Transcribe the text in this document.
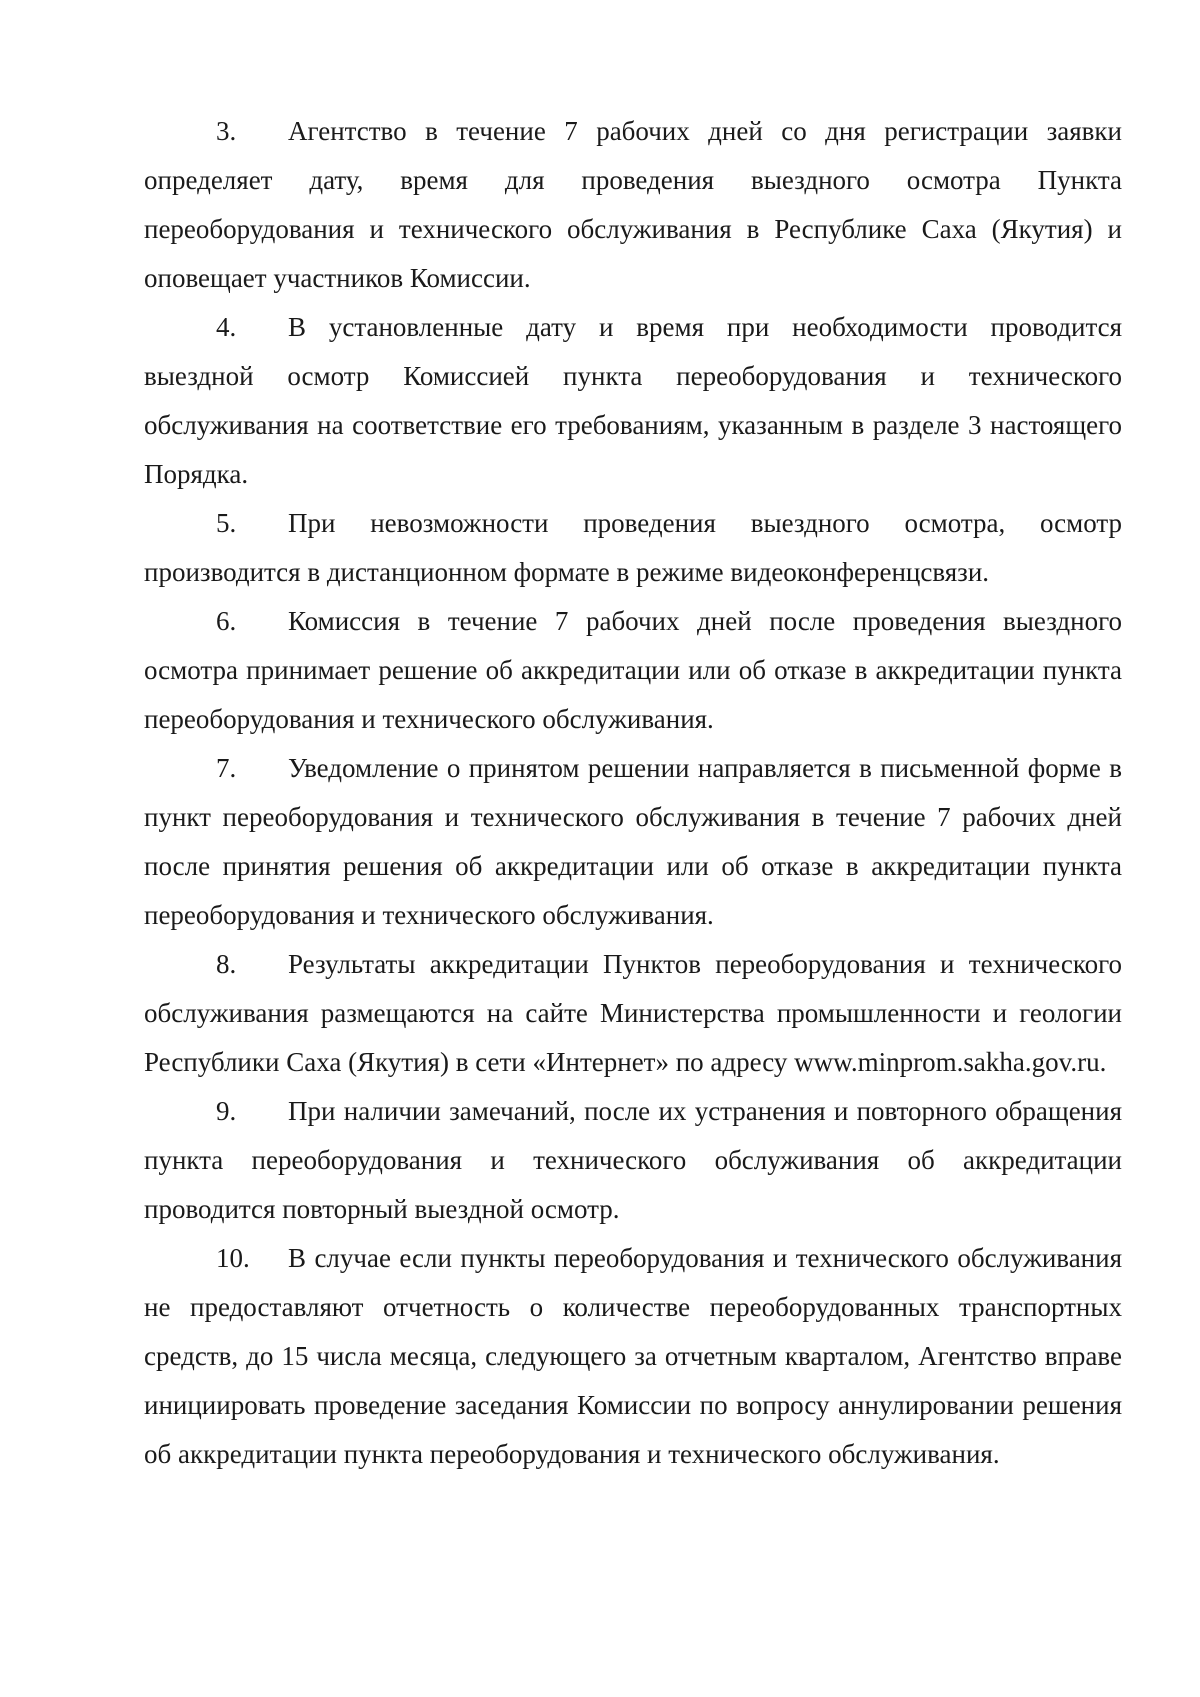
3. Агентство в течение 7 рабочих дней со дня регистрации заявки определяет дату, время для проведения выездного осмотра Пункта переоборудования и технического обслуживания в Республике Саха (Якутия) и оповещает участников Комиссии.

4. В установленные дату и время при необходимости проводится выездной осмотр Комиссией пункта переоборудования и технического обслуживания на соответствие его требованиям, указанным в разделе 3 настоящего Порядка.

5. При невозможности проведения выездного осмотра, осмотр производится в дистанционном формате в режиме видеоконференцсвязи.

6. Комиссия в течение 7 рабочих дней после проведения выездного осмотра принимает решение об аккредитации или об отказе в аккредитации пункта переоборудования и технического обслуживания.

7. Уведомление о принятом решении направляется в письменной форме в пункт переоборудования и технического обслуживания в течение 7 рабочих дней после принятия решения об аккредитации или об отказе в аккредитации пункта переоборудования и технического обслуживания.

8. Результаты аккредитации Пунктов переоборудования и технического обслуживания размещаются на сайте Министерства промышленности и геологии Республики Саха (Якутия) в сети «Интернет» по адресу www.minprom.sakha.gov.ru.

9. При наличии замечаний, после их устранения и повторного обращения пункта переоборудования и технического обслуживания об аккредитации проводится повторный выездной осмотр.

10. В случае если пункты переоборудования и технического обслуживания не предоставляют отчетность о количестве переоборудованных транспортных средств, до 15 числа месяца, следующего за отчетным кварталом, Агентство вправе инициировать проведение заседания Комиссии по вопросу аннулировании решения об аккредитации пункта переоборудования и технического обслуживания.
